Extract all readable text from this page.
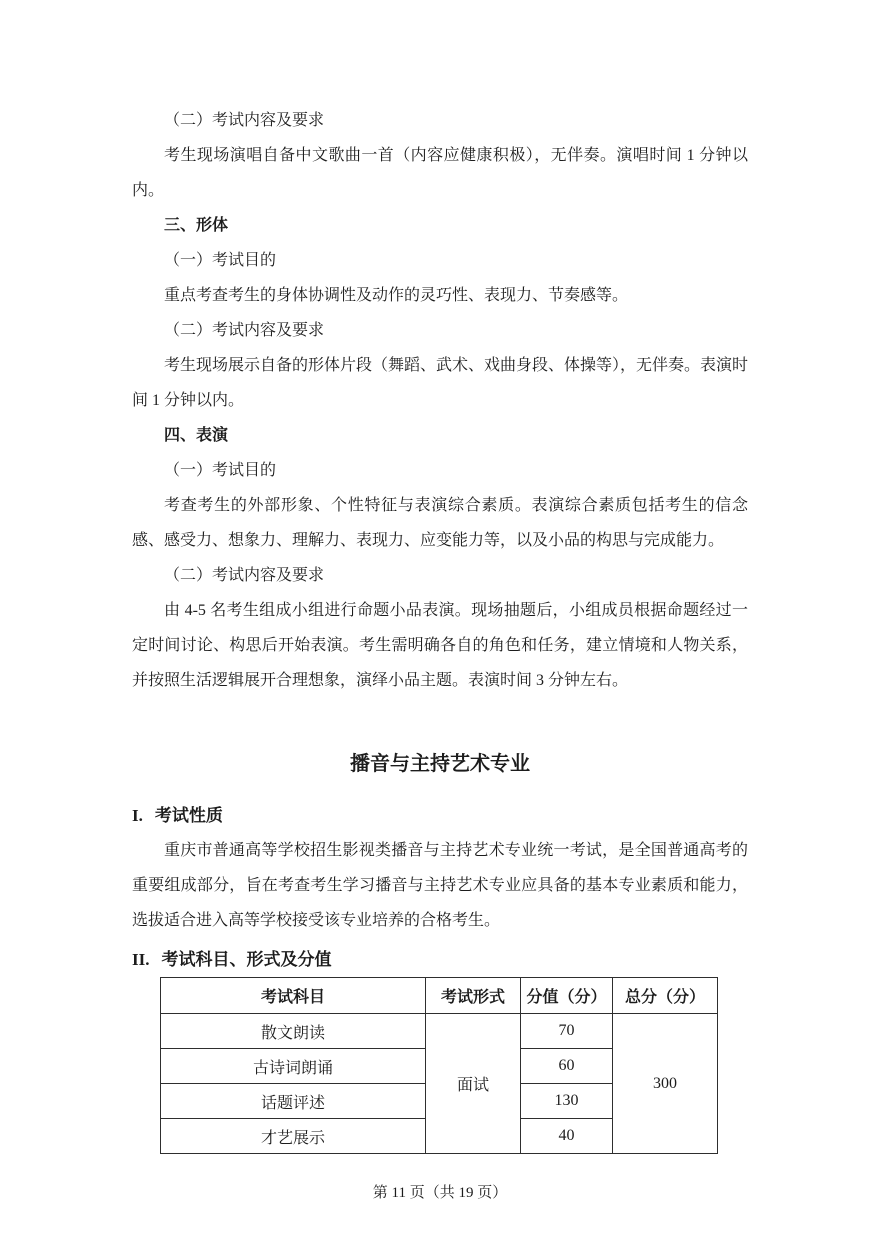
（二）考试内容及要求

考生现场演唱自备中文歌曲一首（内容应健康积极），无伴奏。演唱时间 1 分钟以内。

三、形体

（一）考试目的

重点考查考生的身体协调性及动作的灵巧性、表现力、节奏感等。

（二）考试内容及要求

考生现场展示自备的形体片段（舞蹈、武术、戏曲身段、体操等），无伴奏。表演时间 1 分钟以内。

四、表演

（一）考试目的

考查考生的外部形象、个性特征与表演综合素质。表演综合素质包括考生的信念感、感受力、想象力、理解力、表现力、应变能力等，以及小品的构思与完成能力。

（二）考试内容及要求

由 4-5 名考生组成小组进行命题小品表演。现场抽题后，小组成员根据命题经过一定时间讨论、构思后开始表演。考生需明确各自的角色和任务，建立情境和人物关系，并按照生活逻辑展开合理想象，演绎小品主题。表演时间 3 分钟左右。

播音与主持艺术专业
I. 考试性质

重庆市普通高等学校招生影视类播音与主持艺术专业统一考试，是全国普通高考的重要组成部分，旨在考查考生学习播音与主持艺术专业应具备的基本专业素质和能力，选拔适合进入高等学校接受该专业培养的合格考生。

II. 考试科目、形式及分值
考试科目	考试形式	分值（分）	总分（分）
散文朗读	面试	70	300
古诗词朗诵		60	
话题评述		130	
才艺展示		40	
第 11 页（共 19 页）
